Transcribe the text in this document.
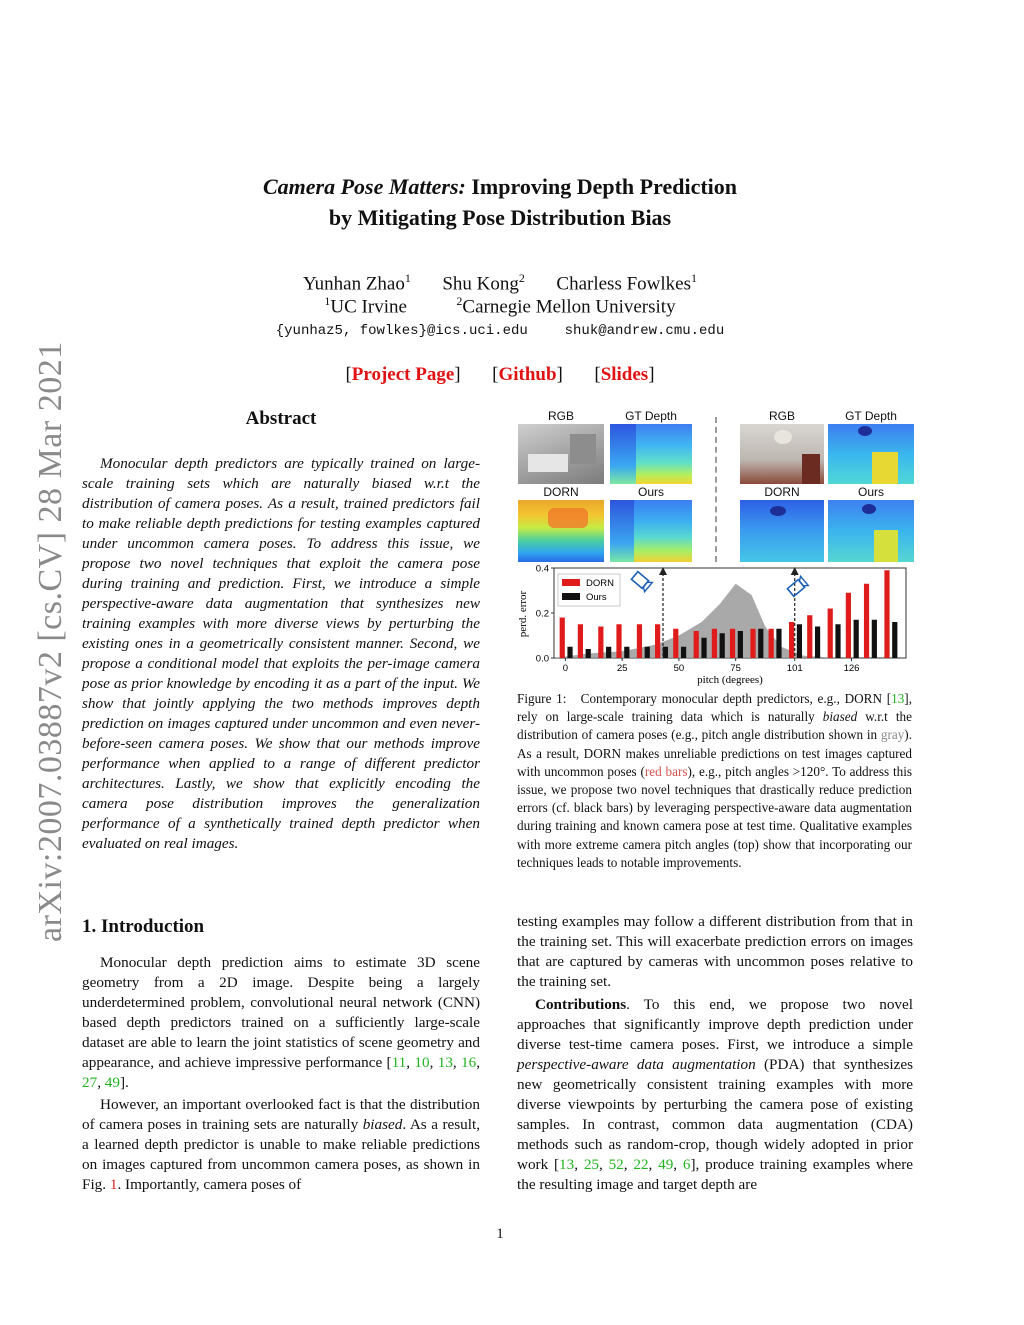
arXiv:2007.03887v2 [cs.CV] 28 Mar 2021
Camera Pose Matters: Improving Depth Prediction
by Mitigating Pose Distribution Bias
Yunhan Zhao$^1$ Shu Kong$^2$ Charless Fowlkes$^1$
$^1$UC Irvine	$^2$Carnegie Mellon University
{yunhaz5, fowlkes}@ics.uci.edu	shuk@andrew.cmu.edu
[Project Page]  [Github]  [Slides]
Abstract
Monocular depth predictors are typically trained on large-scale training sets which are naturally biased w.r.t the distribution of camera poses. As a result, trained predictors fail to make reliable depth predictions for testing examples captured under uncommon camera poses. To address this issue, we propose two novel techniques that exploit the camera pose during training and prediction. First, we introduce a simple perspective-aware data augmentation that synthesizes new training examples with more diverse views by perturbing the existing ones in a geometrically consistent manner. Second, we propose a conditional model that exploits the per-image camera pose as prior knowledge by encoding it as a part of the input. We show that jointly applying the two methods improves depth prediction on images captured under uncommon and even never-before-seen camera poses. We show that our methods improve performance when applied to a range of different predictor architectures. Lastly, we show that explicitly encoding the camera pose distribution improves the generalization performance of a synthetically trained depth predictor when evaluated on real images.
1. Introduction
Monocular depth prediction aims to estimate 3D scene geometry from a 2D image. Despite being a largely underdetermined problem, convolutional neural network (CNN) based depth predictors trained on a sufficiently large-scale dataset are able to learn the joint statistics of scene geometry and appearance, and achieve impressive performance [11, 10, 13, 16, 27, 49].
However, an important overlooked fact is that the distribution of camera poses in training sets are naturally biased. As a result, a learned depth predictor is unable to make reliable predictions on images captured from uncommon camera poses, as shown in Fig. 1. Importantly, camera poses of
testing examples may follow a different distribution from that in the training set. This will exacerbate prediction errors on images that are captured by cameras with uncommon poses relative to the training set.
Contributions. To this end, we propose two novel approaches that significantly improve depth prediction under diverse test-time camera poses. First, we introduce a simple perspective-aware data augmentation (PDA) that synthesizes new geometrically consistent training examples with more diverse viewpoints by perturbing the camera pose of existing samples. In contrast, common data augmentation (CDA) methods such as random-crop, though widely adopted in prior work [13, 25, 52, 22, 49, 6], produce training examples where the resulting image and target depth are
RGB	GT Depth
DORN	Ours
RGB	GT Depth
DORN	Ours
0.0
0.2
0.4
0	25	50	75	101	126
DORN
Ours
perd. error
pitch (degrees)
Figure 1: Contemporary monocular depth predictors, e.g., DORN [13], rely on large-scale training data which is naturally biased w.r.t the distribution of camera poses (e.g., pitch angle distribution shown in gray). As a result, DORN makes unreliable predictions on test images captured with uncommon poses (red bars), e.g., pitch angles >120°. To address this issue, we propose two novel techniques that drastically reduce prediction errors (cf. black bars) by leveraging perspective-aware data augmentation during training and known camera pose at test time. Qualitative examples with more extreme camera pitch angles (top) show that incorporating our techniques leads to notable improvements.
1
